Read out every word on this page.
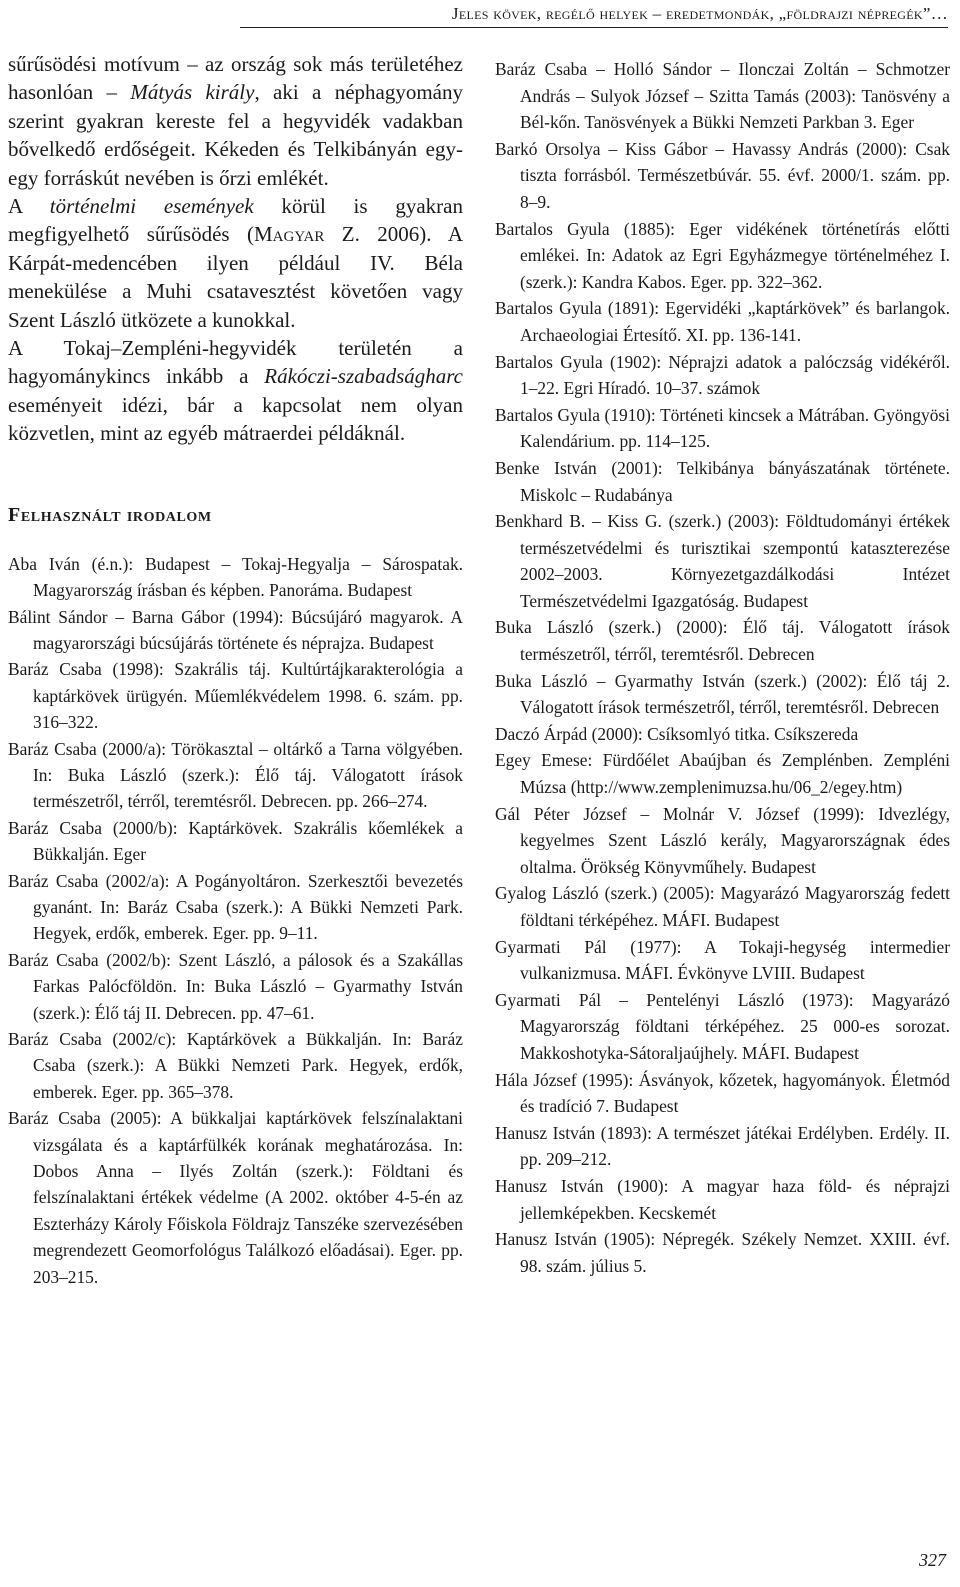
Jeles kövek, regélő helyek – eredetmondák, „földrajzi népregék”…

sűrűsödési motívum – az ország sok más területéhez hasonlóan – Mátyás király, aki a néphagyomány szerint gyakran kereste fel a hegyvidék vadakban bővelkedő erdőségeit. Kékeden és Telkibányán egy-egy forráskút nevében is őrzi emlékét.

A történelmi események körül is gyakran megfigyelhető sűrűsödés (Magyar Z. 2006). A Kárpát-medencében ilyen például IV. Béla menekülése a Muhi csatavesztést követően vagy Szent László ütközete a kunokkal.

A Tokaj–Zempléni-hegyvidék területén a hagyománykincs inkább a Rákóczi-szabadságharc eseményeit idézi, bár a kapcsolat nem olyan közvetlen, mint az egyéb mátraerdei példáknál.

Felhasznált irodalom
Aba Iván (é.n.): Budapest – Tokaj-Hegyalja – Sárospatak. Magyarország írásban és képben. Panoráma. Budapest
Bálint Sándor – Barna Gábor (1994): Búcsújáró magyarok. A magyarországi búcsújárás története és néprajza. Budapest
Baráz Csaba (1998): Szakrális táj. Kultúrtájkarakterológia a kaptárkövek ürügyén. Műemlékvédelem 1998. 6. szám. pp. 316–322.
Baráz Csaba (2000/a): Törökasztal – oltárkő a Tarna völgyében. In: Buka László (szerk.): Élő táj. Válogatott írások természetről, térről, teremtésről. Debrecen. pp. 266–274.
Baráz Csaba (2000/b): Kaptárkövek. Szakrális kőemlékek a Bükkalján. Eger
Baráz Csaba (2002/a): A Pogányoltáron. Szerkesztői bevezetés gyanánt. In: Baráz Csaba (szerk.): A Bükki Nemzeti Park. Hegyek, erdők, emberek. Eger. pp. 9–11.
Baráz Csaba (2002/b): Szent László, a pálosok és a Szakállas Farkas Palócföldön. In: Buka László – Gyarmathy István (szerk.): Élő táj II. Debrecen. pp. 47–61.
Baráz Csaba (2002/c): Kaptárkövek a Bükkalján. In: Baráz Csaba (szerk.): A Bükki Nemzeti Park. Hegyek, erdők, emberek. Eger. pp. 365–378.
Baráz Csaba (2005): A bükkaljai kaptárkövek felszínalaktani vizsgálata és a kaptárfülkék korának meghatározása. In: Dobos Anna – Ilyés Zoltán (szerk.): Földtani és felszínalaktani értékek védelme (A 2002. október 4-5-én az Eszterházy Károly Főiskola Földrajz Tanszéke szervezésében megrendezett Geomorfológus Találkozó előadásai). Eger. pp. 203–215.
Baráz Csaba – Holló Sándor – Ilonczai Zoltán – Schmotzer András – Sulyok József – Szitta Tamás (2003): Tanösvény a Bél-kőn. Tanösvények a Bükki Nemzeti Parkban 3. Eger
Barkó Orsolya – Kiss Gábor – Havassy András (2000): Csak tiszta forrásból. Természetbúvár. 55. évf. 2000/1. szám. pp. 8–9.
Bartalos Gyula (1885): Eger vidékének történetírás előtti emlékei. In: Adatok az Egri Egyházmegye történelméhez I. (szerk.): Kandra Kabos. Eger. pp. 322–362.
Bartalos Gyula (1891): Egervidéki „kaptárkövek” és barlangok. Archaeologiai Értesítő. XI. pp. 136-141.
Bartalos Gyula (1902): Néprajzi adatok a palóczság vidékéről. 1–22. Egri Híradó. 10–37. számok
Bartalos Gyula (1910): Történeti kincsek a Mátrában. Gyöngyösi Kalendárium. pp. 114–125.
Benke István (2001): Telkibánya bányászatának története. Miskolc – Rudabánya
Benkhard B. – Kiss G. (szerk.) (2003): Földtudományi értékek természetvédelmi és turisztikai szempontú kataszterezése 2002–2003. Környezetgazdálkodási Intézet Természetvédelmi Igazgatóság. Budapest
Buka László (szerk.) (2000): Élő táj. Válogatott írások természetről, térről, teremtésről. Debrecen
Buka László – Gyarmathy István (szerk.) (2002): Élő táj 2. Válogatott írások természetről, térről, teremtésről. Debrecen
Daczó Árpád (2000): Csíksomlyó titka. Csíkszereda
Egey Emese: Fürdőélet Abaújban és Zemplénben. Zempléni Múzsa (http://www.zemplenimuzsa.hu/06_2/egey.htm)
Gál Péter József – Molnár V. József (1999): Idvezlégy, kegyelmes Szent László kerály, Magyarországnak édes oltalma. Örökség Könyvműhely. Budapest
Gyalog László (szerk.) (2005): Magyarázó Magyarország fedett földtani térképéhez. MÁFI. Budapest
Gyarmati Pál (1977): A Tokaji-hegység intermedier vulkanizmusa. MÁFI. Évkönyve LVIII. Budapest
Gyarmati Pál – Pentelényi László (1973): Magyarázó Magyarország földtani térképéhez. 25 000-es sorozat. Makkoshotyka-Sátoraljaújhely. MÁFI. Budapest
Hála József (1995): Ásványok, kőzetek, hagyományok. Életmód és tradíció 7. Budapest
Hanusz István (1893): A természet játékai Erdélyben. Erdély. II. pp. 209–212.
Hanusz István (1900): A magyar haza föld- és néprajzi jellemképekben. Kecskemét
Hanusz István (1905): Népregék. Székely Nemzet. XXIII. évf. 98. szám. július 5.
327
